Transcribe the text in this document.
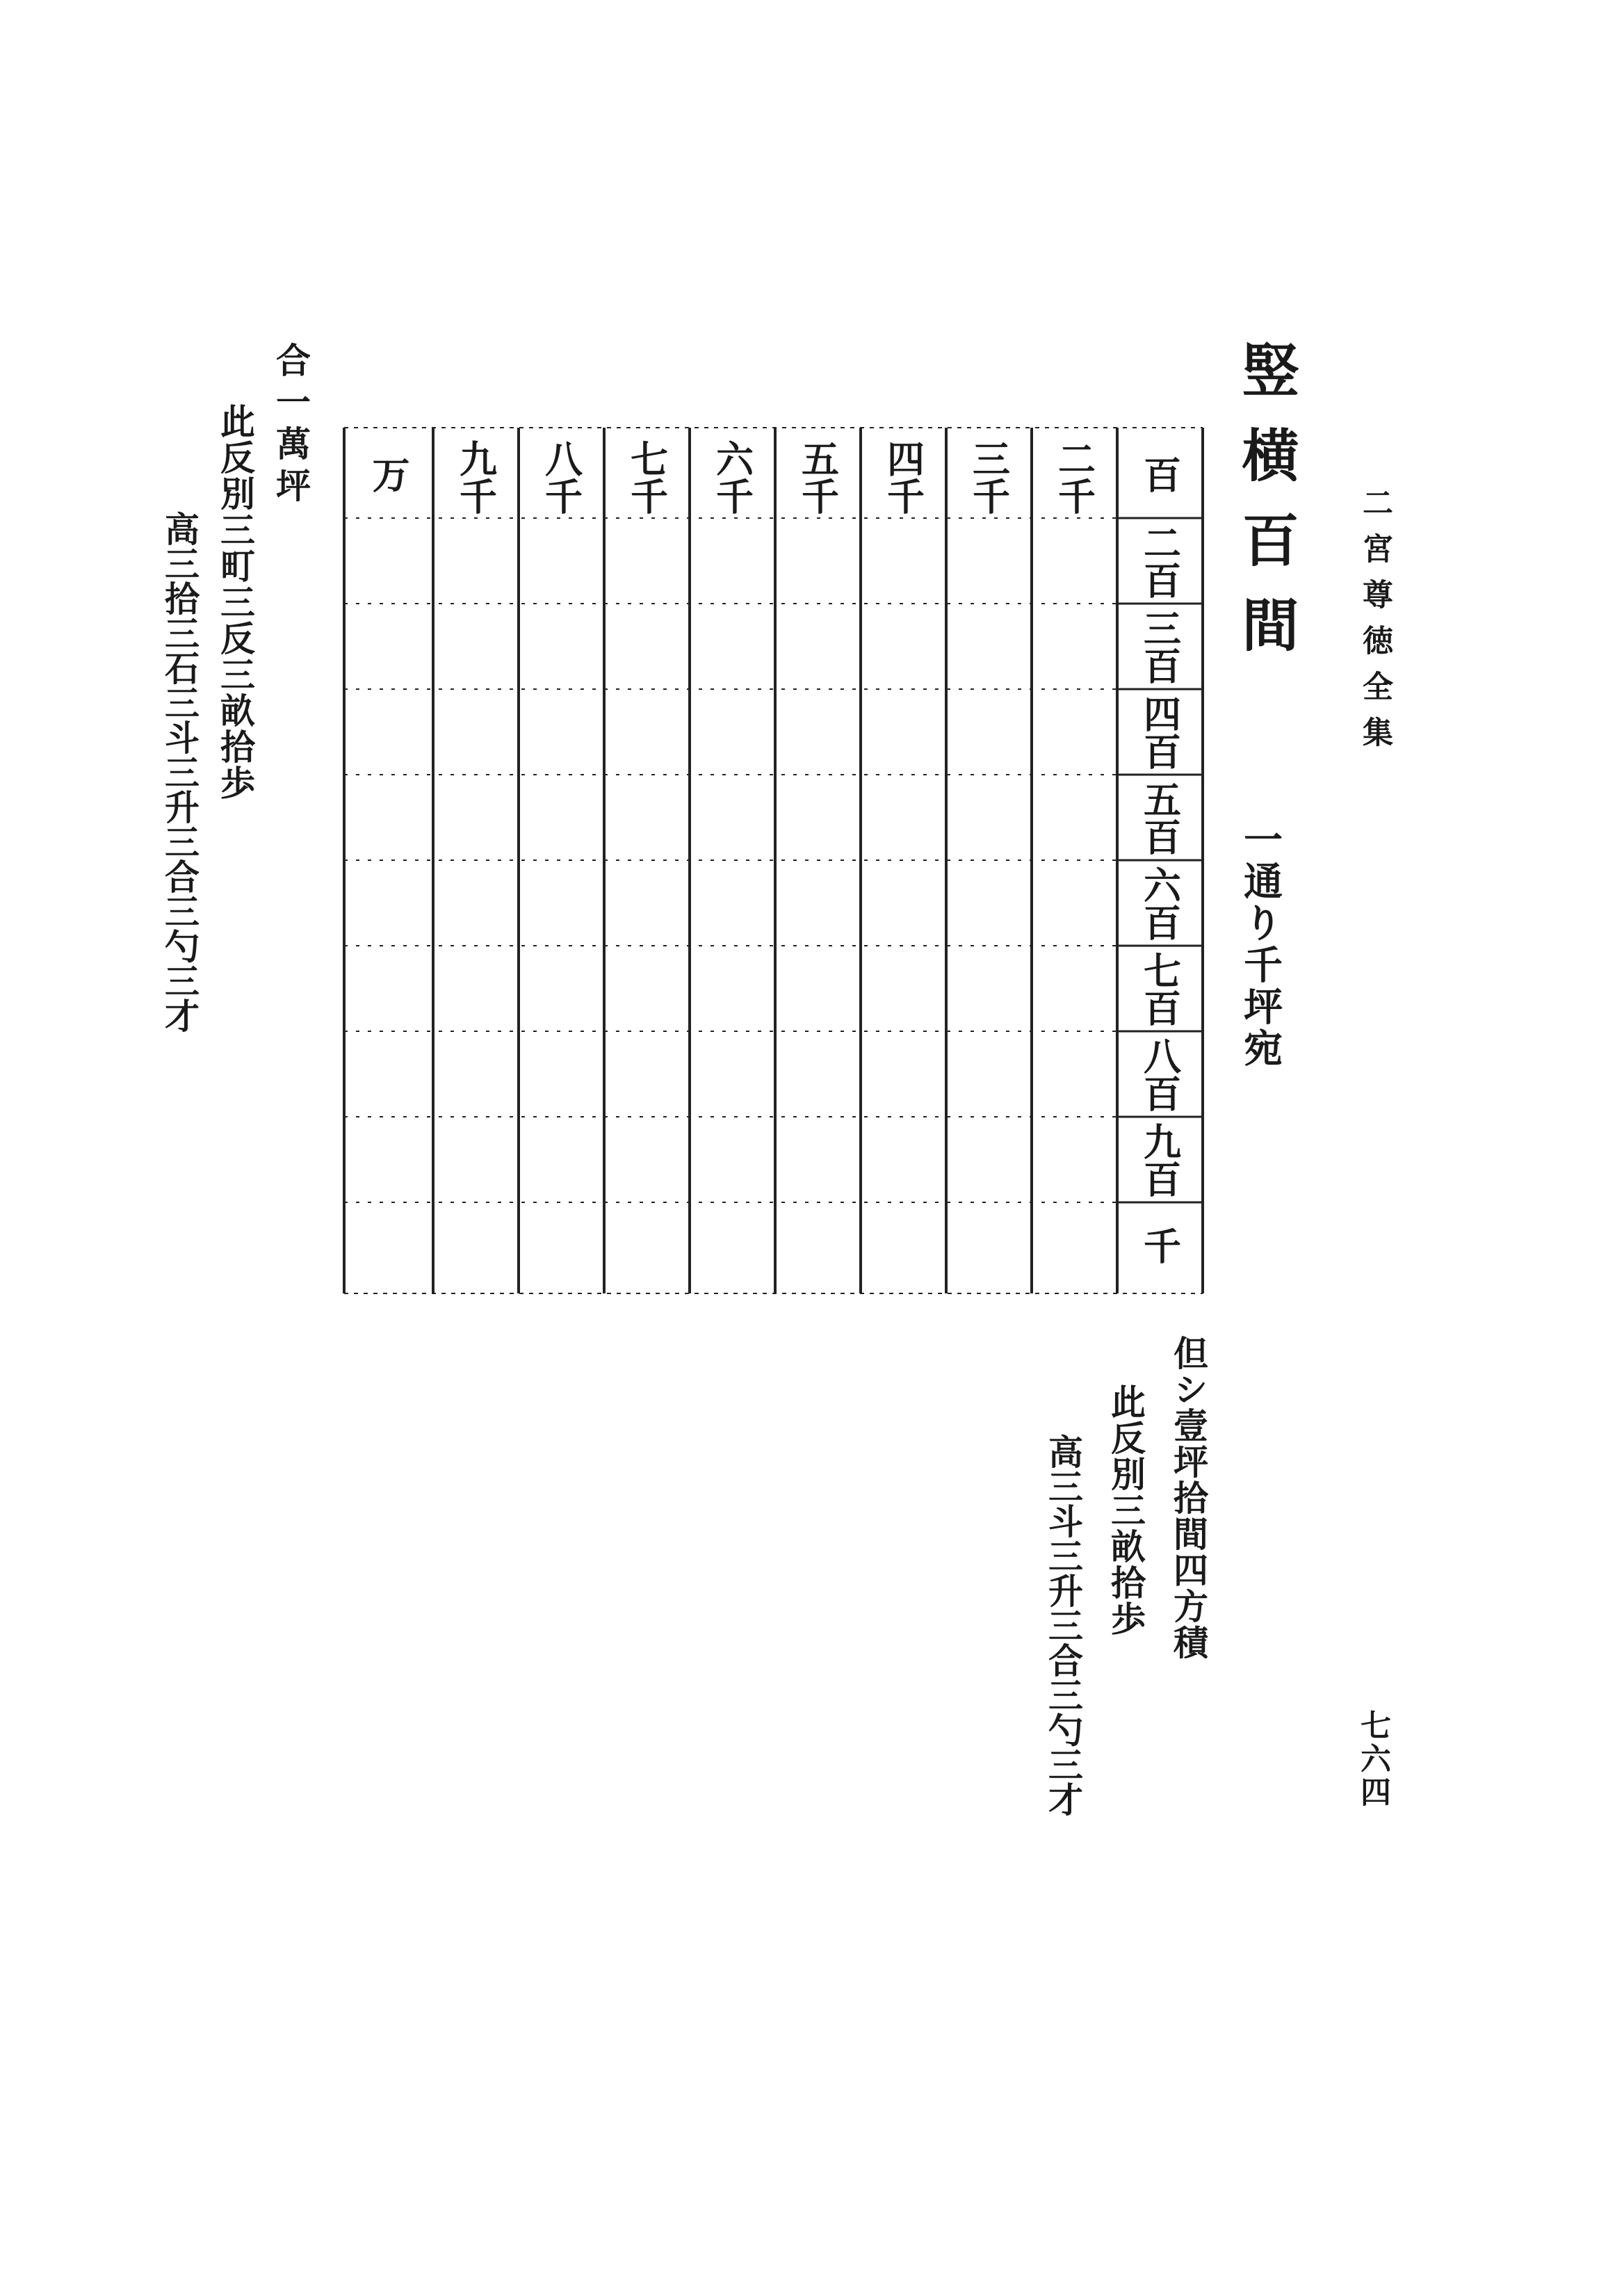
二宮尊徳全集
七六四
竪横百間
一通り千坪宛
百
二千
三千
四千
五千
六千
七千
八千
九千
万
二百
三百
四百
五百
六百
七百
八百
九百
千
但シ壹坪拾間四方積
此反別三畝拾歩
高三斗三升三合三勺三才
合一萬坪
此反別三町三反三畝拾歩
高三拾三石三斗三升三合三勺三才
